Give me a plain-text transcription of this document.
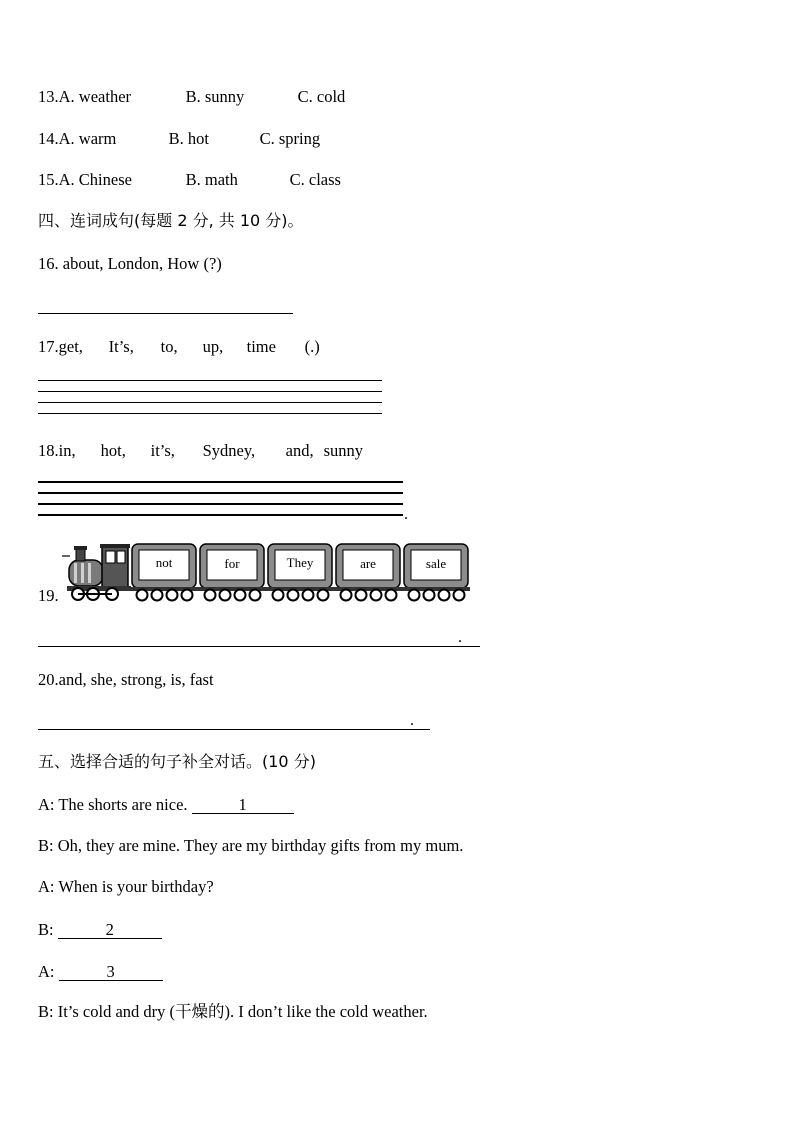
13.A. weather	B. sunny	C. cold
14.A. warm	B. hot	C. spring
15.A. Chinese	B. math	C. class
四、连词成句(每题 2 分, 共 10 分)。
16. about, London, How (?)
17.get, It’s, to, up, time (.)
18.in, hot, it’s, Sydney, and, sunny
.
19.
not	for	They	are	sale
.
20.and, she, strong, is, fast
.
五、选择合适的句子补全对话。(10 分)
A: The shorts are nice.	1
B: Oh, they are mine. They are my birthday gifts from my mum.
A: When is your birthday?
B:	2
A:	3
B: It’s cold and dry (干燥的). I don’t like the cold weather.
